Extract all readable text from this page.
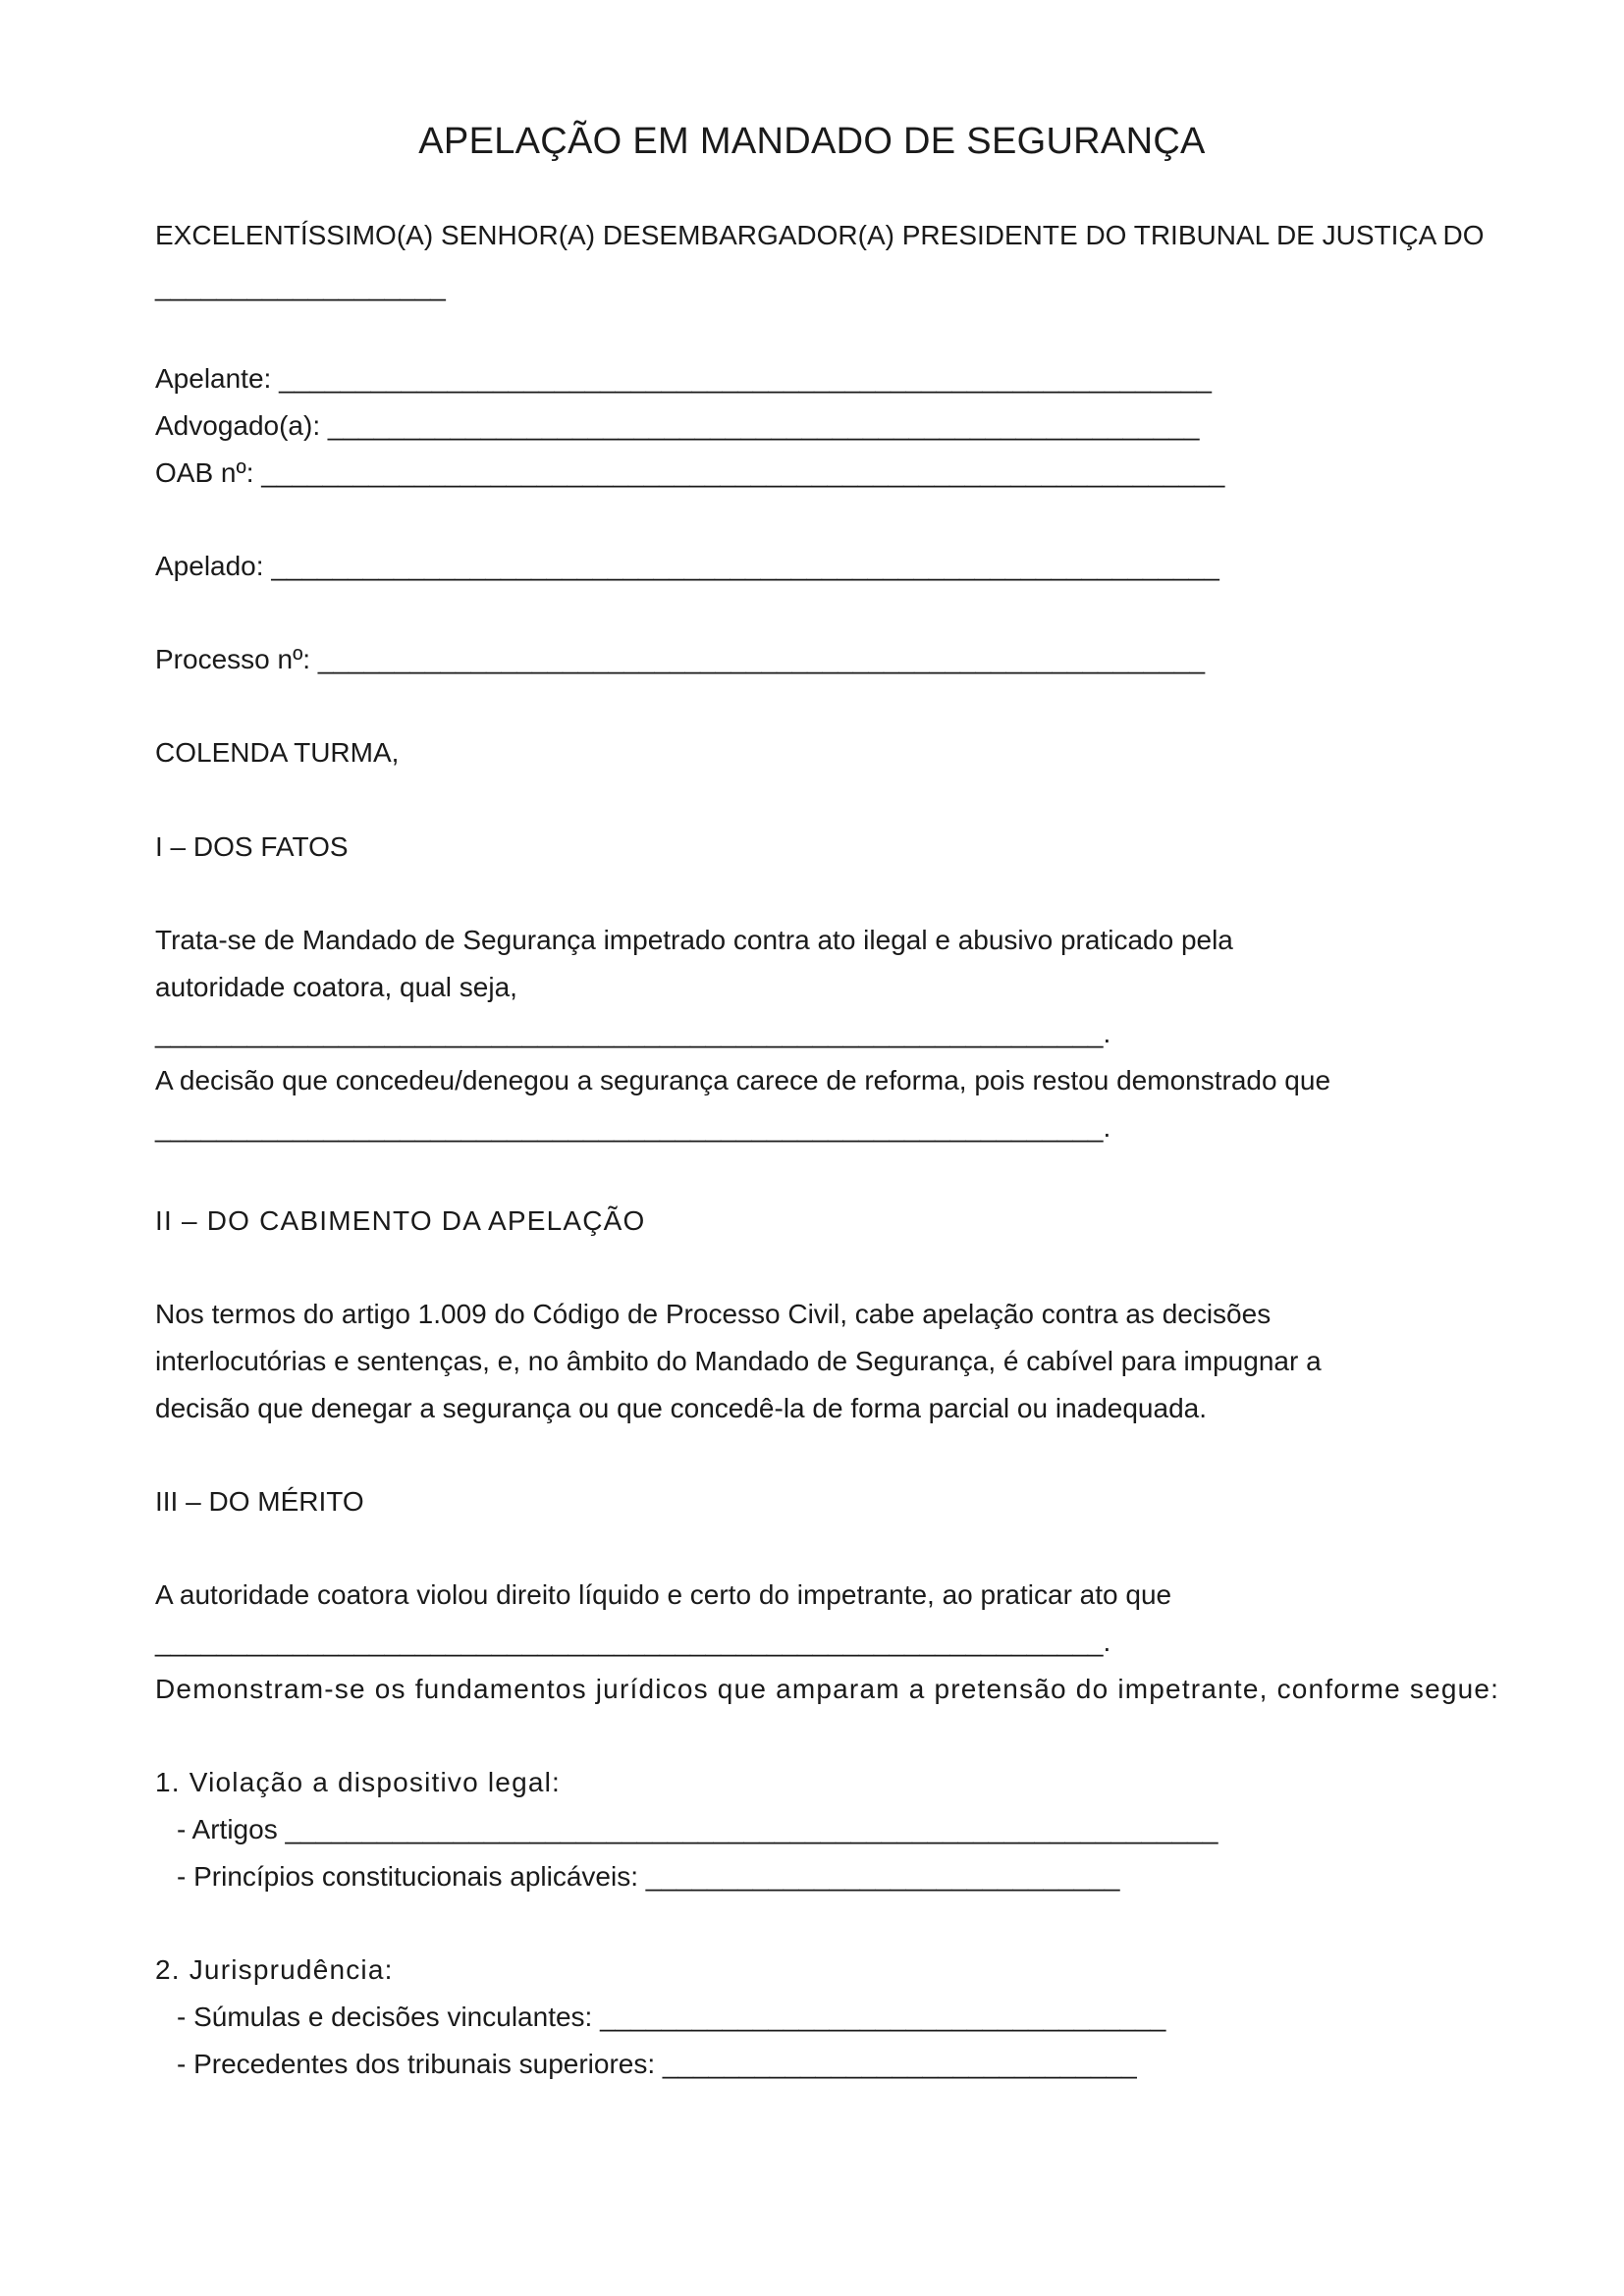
APELAÇÃO EM MANDADO DE SEGURANÇA
EXCELENTÍSSIMO(A) SENHOR(A) DESEMBARGADOR(A) PRESIDENTE DO TRIBUNAL DE JUSTIÇA DO
___________________
Apelante: _____________________________________________________________
Advogado(a): _________________________________________________________
OAB nº: _______________________________________________________________
Apelado: ______________________________________________________________
Processo nº: __________________________________________________________
COLENDA TURMA,
I – DOS FATOS
Trata-se de Mandado de Segurança impetrado contra ato ilegal e abusivo praticado pela
autoridade coatora, qual seja,
______________________________________________________________.
A decisão que concedeu/denegou a segurança carece de reforma, pois restou demonstrado que
______________________________________________________________.
II – DO CABIMENTO DA APELAÇÃO
Nos termos do artigo 1.009 do Código de Processo Civil, cabe apelação contra as decisões
interlocutórias e sentenças, e, no âmbito do Mandado de Segurança, é cabível para impugnar a
decisão que denegar a segurança ou que concedê-la de forma parcial ou inadequada.
III – DO MÉRITO
A autoridade coatora violou direito líquido e certo do impetrante, ao praticar ato que
______________________________________________________________.
Demonstram-se os fundamentos jurídicos que amparam a pretensão do impetrante, conforme segue:
1. Violação a dispositivo legal:
- Artigos _____________________________________________________________
- Princípios constitucionais aplicáveis: _______________________________
2. Jurisprudência:
- Súmulas e decisões vinculantes: _____________________________________
- Precedentes dos tribunais superiores: _______________________________
